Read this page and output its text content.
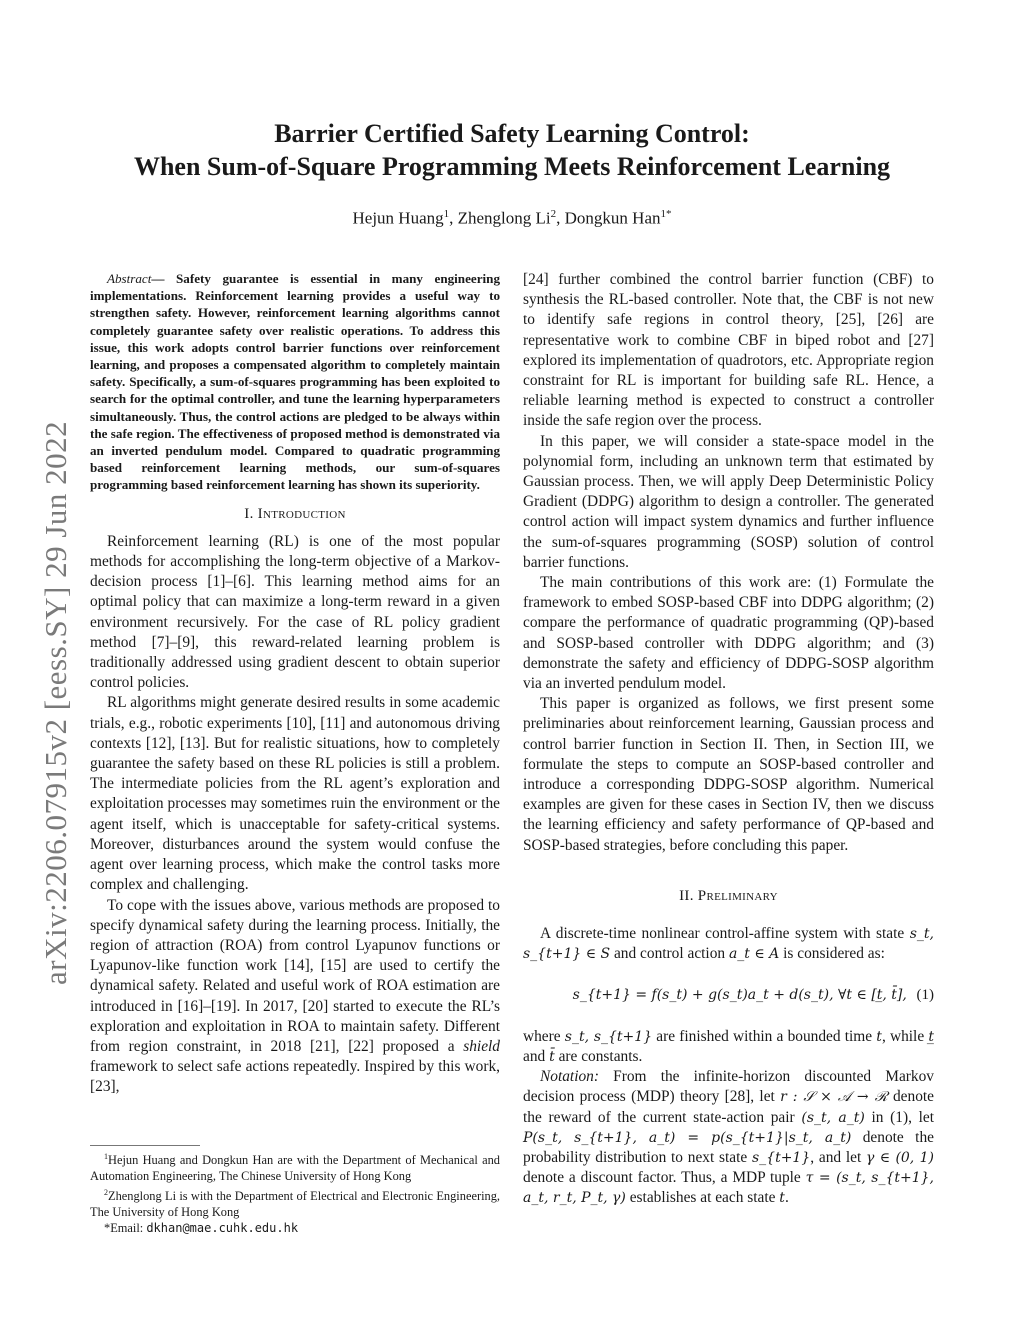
arXiv:2206.07915v2 [eess.SY] 29 Jun 2022
Barrier Certified Safety Learning Control:
When Sum-of-Square Programming Meets Reinforcement Learning
Hejun Huang$^1$, Zhenglong Li$^2$, Dongkun Han$^{1*}$

Abstract— Safety guarantee is essential in many engineering implementations. Reinforcement learning provides a useful way to strengthen safety. However, reinforcement learning algorithms cannot completely guarantee safety over realistic operations. To address this issue, this work adopts control barrier functions over reinforcement learning, and proposes a compensated algorithm to completely maintain safety. Specifically, a sum-of-squares programming has been exploited to search for the optimal controller, and tune the learning hyperparameters simultaneously. Thus, the control actions are pledged to be always within the safe region. The effectiveness of proposed method is demonstrated via an inverted pendulum model. Compared to quadratic programming based reinforcement learning methods, our sum-of-squares programming based reinforcement learning has shown its superiority.

I. Introduction

Reinforcement learning (RL) is one of the most popular methods for accomplishing the long-term objective of a Markov-decision process [1]–[6]. This learning method aims for an optimal policy that can maximize a long-term reward in a given environment recursively. For the case of RL policy gradient method [7]–[9], this reward-related learning problem is traditionally addressed using gradient descent to obtain superior control policies.

RL algorithms might generate desired results in some academic trials, e.g., robotic experiments [10], [11] and autonomous driving contexts [12], [13]. But for realistic situations, how to completely guarantee the safety based on these RL policies is still a problem. The intermediate policies from the RL agent’s exploration and exploitation processes may sometimes ruin the environment or the agent itself, which is unacceptable for safety-critical systems. Moreover, disturbances around the system would confuse the agent over learning process, which make the control tasks more complex and challenging.

To cope with the issues above, various methods are proposed to specify dynamical safety during the learning process. Initially, the region of attraction (ROA) from control Lyapunov functions or Lyapunov-like function work [14], [15] are used to certify the dynamical safety. Related and useful work of ROA estimation are introduced in [16]–[19]. In 2017, [20] started to execute the RL’s exploration and exploitation in ROA to maintain safety. Different from region constraint, in 2018 [21], [22] proposed a shield framework to select safe actions repeatedly. Inspired by this work, [23],

[24] further combined the control barrier function (CBF) to synthesis the RL-based controller. Note that, the CBF is not new to identify safe regions in control theory, [25], [26] are representative work to combine CBF in biped robot and [27] explored its implementation of quadrotors, etc. Appropriate region constraint for RL is important for building safe RL. Hence, a reliable learning method is expected to construct a controller inside the safe region over the process.

In this paper, we will consider a state-space model in the polynomial form, including an unknown term that estimated by Gaussian process. Then, we will apply Deep Deterministic Policy Gradient (DDPG) algorithm to design a controller. The generated control action will impact system dynamics and further influence the sum-of-squares programming (SOSP) solution of control barrier functions.

The main contributions of this work are: (1) Formulate the framework to embed SOSP-based CBF into DDPG algorithm; (2) compare the performance of quadratic programming (QP)-based and SOSP-based controller with DDPG algorithm; and (3) demonstrate the safety and efficiency of DDPG-SOSP algorithm via an inverted pendulum model.

This paper is organized as follows, we first present some preliminaries about reinforcement learning, Gaussian process and control barrier function in Section II. Then, in Section III, we formulate the steps to compute an SOSP-based controller and introduce a corresponding DDPG-SOSP algorithm. Numerical examples are given for these cases in Section IV, then we discuss the learning efficiency and safety performance of QP-based and SOSP-based strategies, before concluding this paper.

II. Preliminary

A discrete-time nonlinear control-affine system with state s_t, s_{t+1} ∈ S and control action a_t ∈ A is considered as:

s_{t+1} = f(s_t) + g(s_t)a_t + d(s_t), ∀t ∈ [t̲, t̄], (1)

where s_t, s_{t+1} are finished within a bounded time t, while t̲ and t̄ are constants.

Notation: From the infinite-horizon discounted Markov decision process (MDP) theory [28], let r : 𝒮 × 𝒜 → ℛ denote the reward of the current state-action pair (s_t, a_t) in (1), let P(s_t, s_{t+1}, a_t) = p(s_{t+1}|s_t, a_t) denote the probability distribution to next state s_{t+1}, and let γ ∈ (0, 1) denote a discount factor. Thus, a MDP tuple τ = (s_t, s_{t+1}, a_t, r_t, P_t, γ) establishes at each state t.

$^1$Hejun Huang and Dongkun Han are with the Department of Mechanical and Automation Engineering, The Chinese University of Hong Kong

$^2$Zhenglong Li is with the Department of Electrical and Electronic Engineering, The University of Hong Kong

*Email: dkhan@mae.cuhk.edu.hk
